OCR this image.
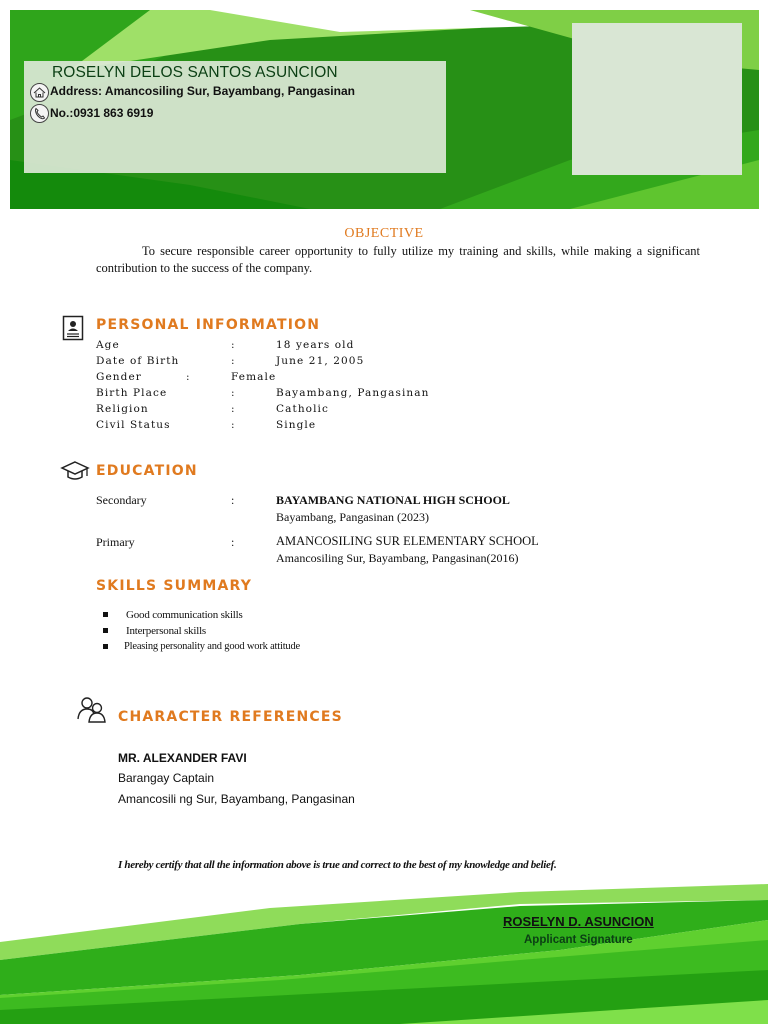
ROSELYN DELOS SANTOS ASUNCION
Address: Amancosiling Sur, Bayambang, Pangasinan
No.:0931 863 6919
OBJECTIVE
To secure responsible career opportunity to fully utilize my training and skills, while making a significant contribution to the success of the company.
PERSONAL INFORMATION
Age	:	18 years old
Date of Birth	:	June 21, 2005
Gender	:	Female
Birth Place	:	Bayambang, Pangasinan
Religion	:	Catholic
Civil Status	:	Single
EDUCATION
Secondary	:	BAYAMBANG NATIONAL HIGH SCHOOL
Bayambang, Pangasinan (2023)
Primary	:	AMANCOSILING SUR ELEMENTARY SCHOOL
Amancosiling Sur, Bayambang, Pangasinan(2016)
SKILLS SUMMARY
Good communication skills
Interpersonal skills
Pleasing personality and good work attitude
CHARACTER REFERENCES
MR. ALEXANDER FAVI
Barangay Captain
Amancosili ng Sur, Bayambang, Pangasinan
I hereby certify that all the information above is true and correct to the best of my knowledge and belief.
ROSELYN D. ASUNCION
Applicant Signature
